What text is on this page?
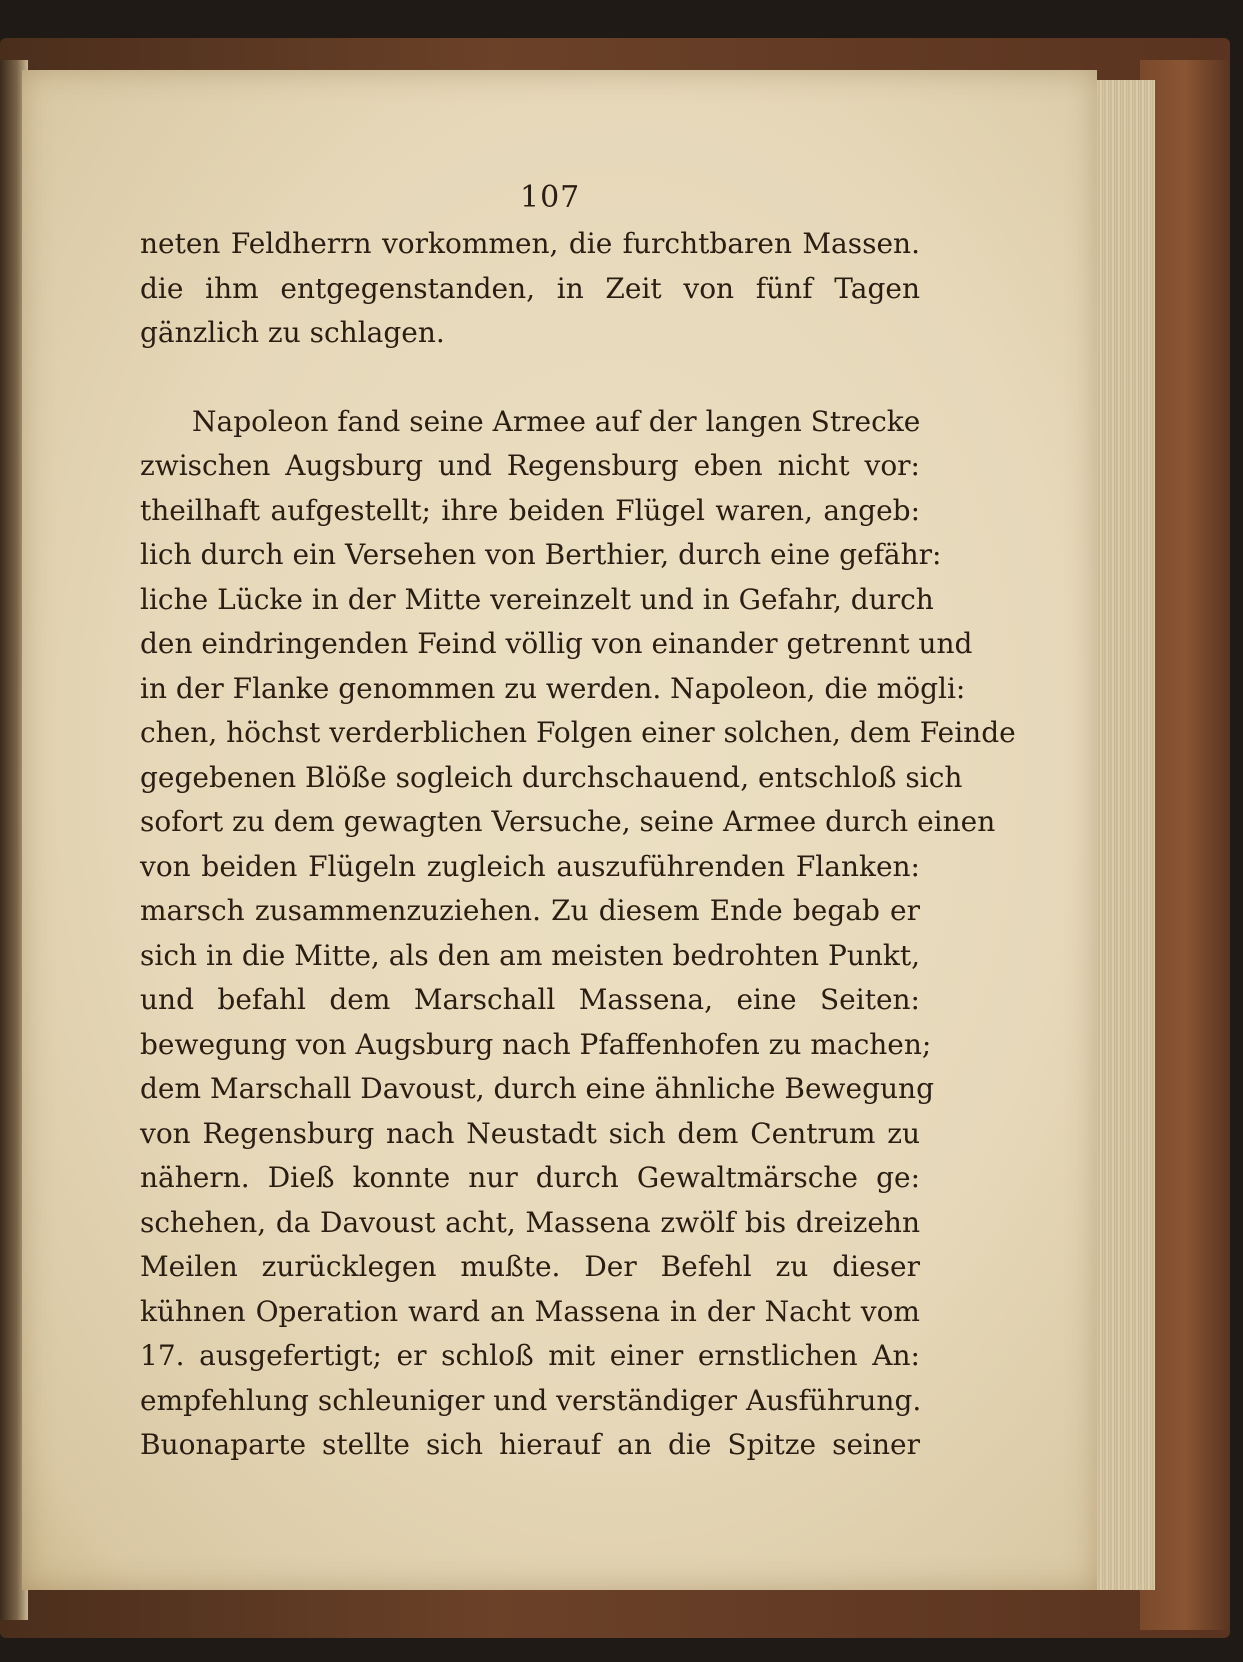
107
neten Feldherrn vorkommen, die furchtbaren Massen.
die ihm entgegenstanden, in Zeit von fünf Tagen
gänzlich zu schlagen.
Napoleon fand seine Armee auf der langen Strecke
zwischen Augsburg und Regensburg eben nicht vor:
theilhaft aufgestellt; ihre beiden Flügel waren, angeb:
lich durch ein Versehen von Berthier, durch eine gefähr:
liche Lücke in der Mitte vereinzelt und in Gefahr, durch
den eindringenden Feind völlig von einander getrennt und
in der Flanke genommen zu werden. Napoleon, die mögli:
chen, höchst verderblichen Folgen einer solchen, dem Feinde
gegebenen Blöße sogleich durchschauend, entschloß sich
sofort zu dem gewagten Versuche, seine Armee durch einen
von beiden Flügeln zugleich auszuführenden Flanken:
marsch zusammenzuziehen. Zu diesem Ende begab er
sich in die Mitte, als den am meisten bedrohten Punkt,
und befahl dem Marschall Massena, eine Seiten:
bewegung von Augsburg nach Pfaffenhofen zu machen;
dem Marschall Davoust, durch eine ähnliche Bewegung
von Regensburg nach Neustadt sich dem Centrum zu
nähern. Dieß konnte nur durch Gewaltmärsche ge:
schehen, da Davoust acht, Massena zwölf bis dreizehn
Meilen zurücklegen mußte. Der Befehl zu dieser
kühnen Operation ward an Massena in der Nacht vom
17. ausgefertigt; er schloß mit einer ernstlichen An:
empfehlung schleuniger und verständiger Ausführung.
Buonaparte stellte sich hierauf an die Spitze seiner
